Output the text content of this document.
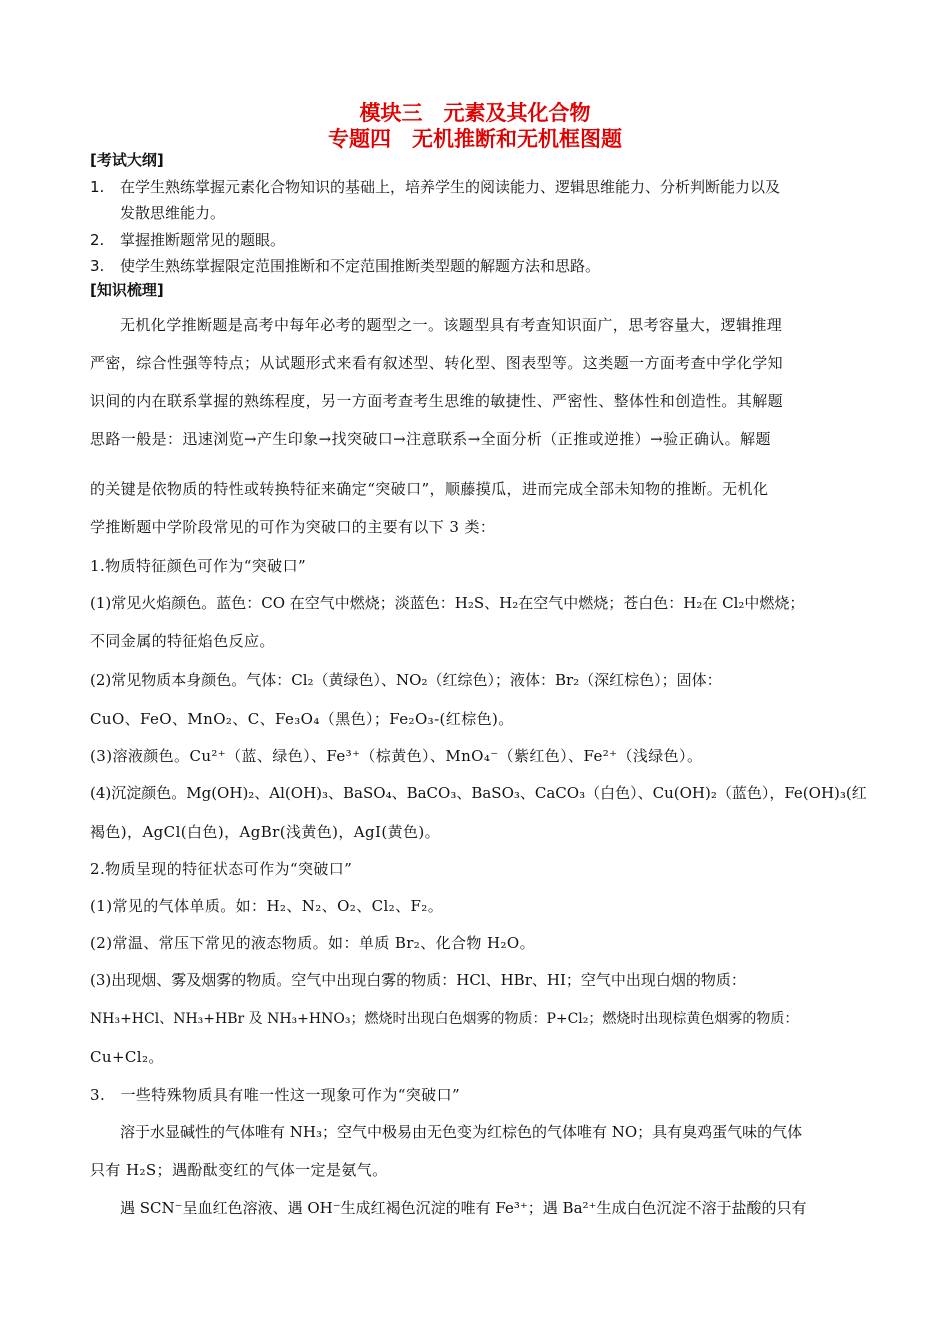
模块三　元素及其化合物
专题四　无机推断和无机框图题
[考试大纲]
1. 在学生熟练掌握元素化合物知识的基础上，培养学生的阅读能力、逻辑思维能力、分析判断能力以及
发散思维能力。
2. 掌握推断题常见的题眼。
3. 使学生熟练掌握限定范围推断和不定范围推断类型题的解题方法和思路。
[知识梳理]
无机化学推断题是高考中每年必考的题型之一。该题型具有考查知识面广，思考容量大，逻辑推理
严密，综合性强等特点；从试题形式来看有叙述型、转化型、图表型等。这类题一方面考查中学化学知
识间的内在联系掌握的熟练程度，另一方面考查考生思维的敏捷性、严密性、整体性和创造性。其解题
思路一般是：迅速浏览→产生印象→找突破口→注意联系→全面分析（正推或逆推）→验正确认。解题
的关键是依物质的特性或转换特征来确定“突破口”，顺藤摸瓜，进而完成全部未知物的推断。无机化
学推断题中学阶段常见的可作为突破口的主要有以下 3 类：
1.物质特征颜色可作为“突破口”
(1)常见火焰颜色。蓝色：CO 在空气中燃烧；淡蓝色：H₂S、H₂在空气中燃烧；苍白色：H₂在 Cl₂中燃烧；
不同金属的特征焰色反应。
(2)常见物质本身颜色。气体：Cl₂（黄绿色）、NO₂（红综色）；液体：Br₂（深红棕色）；固体：
CuO、FeO、MnO₂、C、Fe₃O₄（黑色）；Fe₂O₃-(红棕色)。
(3)溶液颜色。Cu²⁺（蓝、绿色）、Fe³⁺（棕黄色）、MnO₄⁻（紫红色）、Fe²⁺（浅绿色）。
(4)沉淀颜色。Mg(OH)₂、Al(OH)₃、BaSO₄、BaCO₃、BaSO₃、CaCO₃（白色）、Cu(OH)₂（蓝色），Fe(OH)₃(红
褐色)，AgCl(白色)，AgBr(浅黄色)，AgI(黄色)。
2.物质呈现的特征状态可作为“突破口”
(1)常见的气体单质。如：H₂、N₂、O₂、Cl₂、F₂。
(2)常温、常压下常见的液态物质。如：单质 Br₂、化合物 H₂O。
(3)出现烟、雾及烟雾的物质。空气中出现白雾的物质：HCl、HBr、HI；空气中出现白烟的物质：
NH₃+HCl、NH₃+HBr 及 NH₃+HNO₃；燃烧时出现白色烟雾的物质：P+Cl₂；燃烧时出现棕黄色烟雾的物质：
Cu+Cl₂。
3.　一些特殊物质具有唯一性这一现象可作为“突破口”
溶于水显碱性的气体唯有 NH₃；空气中极易由无色变为红棕色的气体唯有 NO；具有臭鸡蛋气味的气体
只有 H₂S；遇酚酞变红的气体一定是氨气。
遇 SCN⁻呈血红色溶液、遇 OH⁻生成红褐色沉淀的唯有 Fe³⁺；遇 Ba²⁺生成白色沉淀不溶于盐酸的只有
